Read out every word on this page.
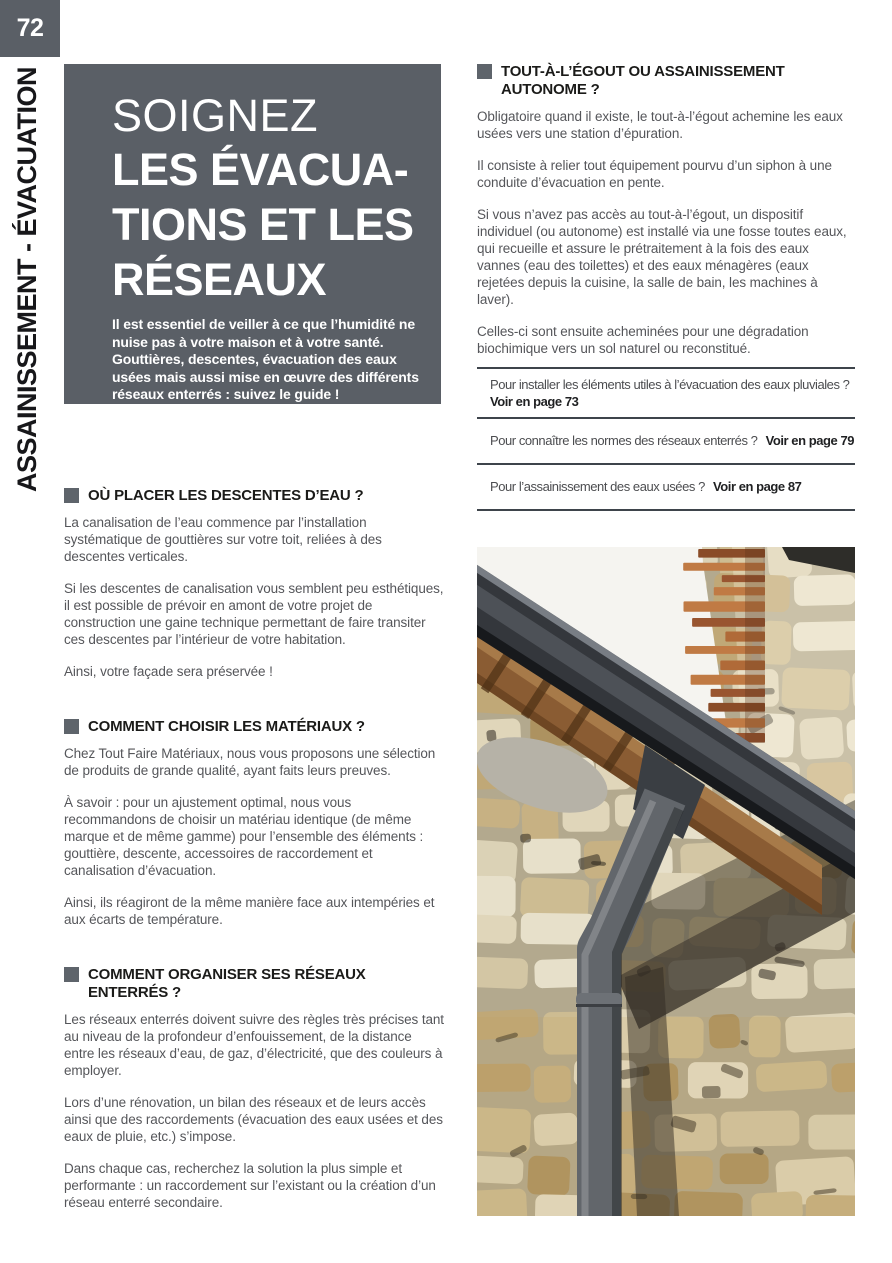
72
ASSAINISSEMENT - ÉVACUATION SOIGNEZ
LES ÉVACUA-
TIONS ET LES
RÉSEAUX
Il est essentiel de veiller à ce que l’humidité ne nuise pas à votre maison et à votre santé. Gouttières, descentes, évacuation des eaux usées mais aussi mise en œuvre des différents réseaux enterrés : suivez le guide !
OÙ PLACER LES DESCENTES D’EAU ?

La canalisation de l’eau commence par l’installation systématique de gouttières sur votre toit, reliées à des descentes verticales.

Si les descentes de canalisation vous semblent peu esthétiques, il est possible de prévoir en amont de votre projet de construction une gaine technique permettant de faire transiter ces descentes par l’intérieur de votre habitation.

Ainsi, votre façade sera préservée !

COMMENT CHOISIR LES MATÉRIAUX ?

Chez Tout Faire Matériaux, nous vous proposons une sélection de produits de grande qualité, ayant faits leurs preuves.

À savoir : pour un ajustement optimal, nous vous recommandons de choisir un matériau identique (de même marque et de même gamme) pour l’ensemble des éléments : gouttière, descente, accessoires de raccordement et canalisation d’évacuation.

Ainsi, ils réagiront de la même manière face aux intempéries et aux écarts de température.

COMMENT ORGANISER SES RÉSEAUX ENTERRÉS ?

Les réseaux enterrés doivent suivre des règles très précises tant au niveau de la profondeur d’enfouissement, de la distance entre les réseaux d’eau, de gaz, d’électricité, que des couleurs à employer.

Lors d’une rénovation, un bilan des réseaux et de leurs accès ainsi que des raccordements (évacuation des eaux usées et des eaux de pluie, etc.) s’impose.

Dans chaque cas, recherchez la solution la plus simple et performante : un raccordement sur l’existant ou la création d’un réseau enterré secondaire.

TOUT-À-L’ÉGOUT OU ASSAINISSEMENT AUTONOME ?

Obligatoire quand il existe, le tout-à-l’égout achemine les eaux usées vers une station d’épuration.

Il consiste à relier tout équipement pourvu d’un siphon à une conduite d’évacuation en pente.

Si vous n’avez pas accès au tout-à-l’égout, un dispositif individuel (ou autonome) est installé via une fosse toutes eaux, qui recueille et assure le prétraitement à la fois des eaux vannes (eau des toilettes) et des eaux ménagères (eaux rejetées depuis la cuisine, la salle de bain, les machines à laver).

Celles-ci sont ensuite acheminées pour une dégradation biochimique vers un sol naturel ou reconstitué.

Pour installer les éléments utiles à l’évacuation des eaux pluviales ?
Voir en page 73
Pour connaître les normes des réseaux enterrés ? Voir en page 79
Pour l’assainissement des eaux usées ? Voir en page 87
